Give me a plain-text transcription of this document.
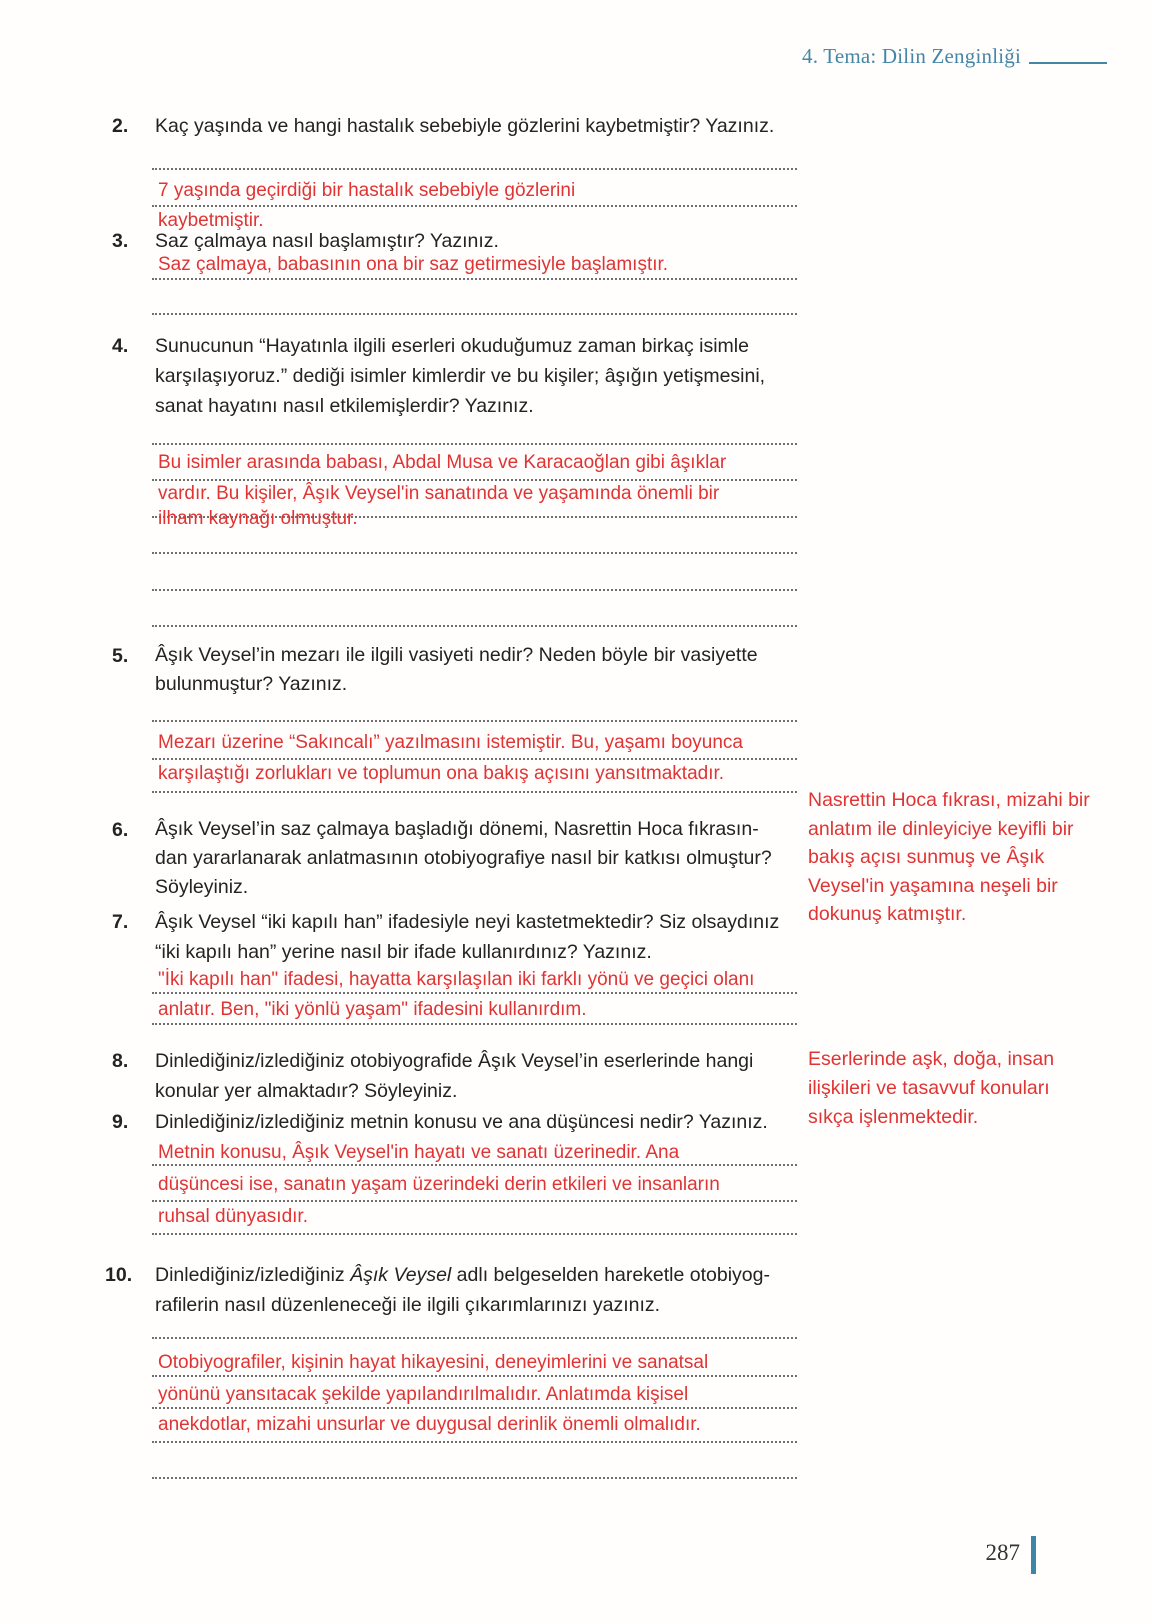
4. Tema: Dilin Zenginliği
2.	Kaç yaşında ve hangi hastalık sebebiyle gözlerini kaybetmiştir? Yazınız.
7 yaşında geçirdiği bir hastalık sebebiyle gözlerini
kaybetmiştir.
3.	Saz çalmaya nasıl başlamıştır? Yazınız.
Saz çalmaya, babasının ona bir saz getirmesiyle başlamıştır.
4.	Sunucunun “Hayatınla ilgili eserleri okuduğumuz zaman birkaç isimle
karşılaşıyoruz.” dediği isimler kimlerdir ve bu kişiler; âşığın yetişmesini,
sanat hayatını nasıl etkilemişlerdir? Yazınız.
Bu isimler arasında babası, Abdal Musa ve Karacaoğlan gibi âşıklar
vardır. Bu kişiler, Âşık Veysel'in sanatında ve yaşamında önemli bir
ilham kaynağı olmuştur.
5.	Âşık Veysel’in mezarı ile ilgili vasiyeti nedir? Neden böyle bir vasiyette
bulunmuştur? Yazınız.
Mezarı üzerine “Sakıncalı” yazılmasını istemiştir. Bu, yaşamı boyunca
karşılaştığı zorlukları ve toplumun ona bakış açısını yansıtmaktadır.
6.	Âşık Veysel’in saz çalmaya başladığı dönemi, Nasrettin Hoca fıkrasın-
dan yararlanarak anlatmasının otobiyografiye nasıl bir katkısı olmuştur?
Söyleyiniz.
Nasrettin Hoca fıkrası, mizahi bir
anlatım ile dinleyiciye keyifli bir
bakış açısı sunmuş ve Âşık
Veysel'in yaşamına neşeli bir
dokunuş katmıştır.
7.	Âşık Veysel “iki kapılı han” ifadesiyle neyi kastetmektedir? Siz olsaydınız
“iki kapılı han” yerine nasıl bir ifade kullanırdınız? Yazınız.
"İki kapılı han" ifadesi, hayatta karşılaşılan iki farklı yönü ve geçici olanı
anlatır. Ben, "iki yönlü yaşam" ifadesini kullanırdım.
8.	Dinlediğiniz/izlediğiniz otobiyografide Âşık Veysel’in eserlerinde hangi
konular yer almaktadır? Söyleyiniz.
Eserlerinde aşk, doğa, insan
ilişkileri ve tasavvuf konuları
sıkça işlenmektedir.
9.	Dinlediğiniz/izlediğiniz metnin konusu ve ana düşüncesi nedir? Yazınız.
Metnin konusu, Âşık Veysel'in hayatı ve sanatı üzerinedir. Ana
düşüncesi ise, sanatın yaşam üzerindeki derin etkileri ve insanların
ruhsal dünyasıdır.
10.	Dinlediğiniz/izlediğiniz Âşık Veysel adlı belgeselden hareketle otobiyog-
rafilerin nasıl düzenleneceği ile ilgili çıkarımlarınızı yazınız.
Otobiyografiler, kişinin hayat hikayesini, deneyimlerini ve sanatsal
yönünü yansıtacak şekilde yapılandırılmalıdır. Anlatımda kişisel
anekdotlar, mizahi unsurlar ve duygusal derinlik önemli olmalıdır.
287
